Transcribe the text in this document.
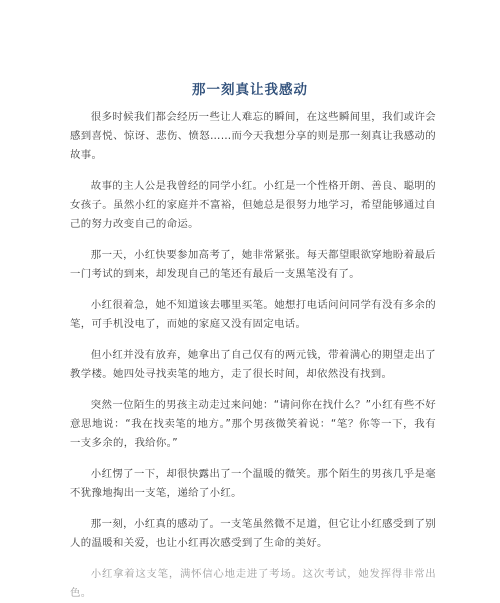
那一刻真让我感动

很多时候我们都会经历一些让人难忘的瞬间，在这些瞬间里，我们或许会感到喜悦、惊讶、悲伤、愤怒……而今天我想分享的则是那一刻真让我感动的故事。

故事的主人公是我曾经的同学小红。小红是一个性格开朗、善良、聪明的女孩子。虽然小红的家庭并不富裕，但她总是很努力地学习，希望能够通过自己的努力改变自己的命运。

那一天，小红快要参加高考了，她非常紧张。每天都望眼欲穿地盼着最后一门考试的到来，却发现自己的笔还有最后一支黑笔没有了。

小红很着急，她不知道该去哪里买笔。她想打电话问问同学有没有多余的笔，可手机没电了，而她的家庭又没有固定电话。

但小红并没有放弃，她拿出了自己仅有的两元钱，带着满心的期望走出了教学楼。她四处寻找卖笔的地方，走了很长时间，却依然没有找到。

突然一位陌生的男孩主动走过来问她：“请问你在找什么？”小红有些不好意思地说：“我在找卖笔的地方。”那个男孩微笑着说：“笔？你等一下，我有一支多余的，我给你。”

小红愣了一下，却很快露出了一个温暖的微笑。那个陌生的男孩几乎是毫不犹豫地掏出一支笔，递给了小红。

那一刻，小红真的感动了。一支笔虽然微不足道，但它让小红感受到了别人的温暖和关爱，也让小红再次感受到了生命的美好。

小红拿着这支笔，满怀信心地走进了考场。这次考试，她发挥得非常出色。
